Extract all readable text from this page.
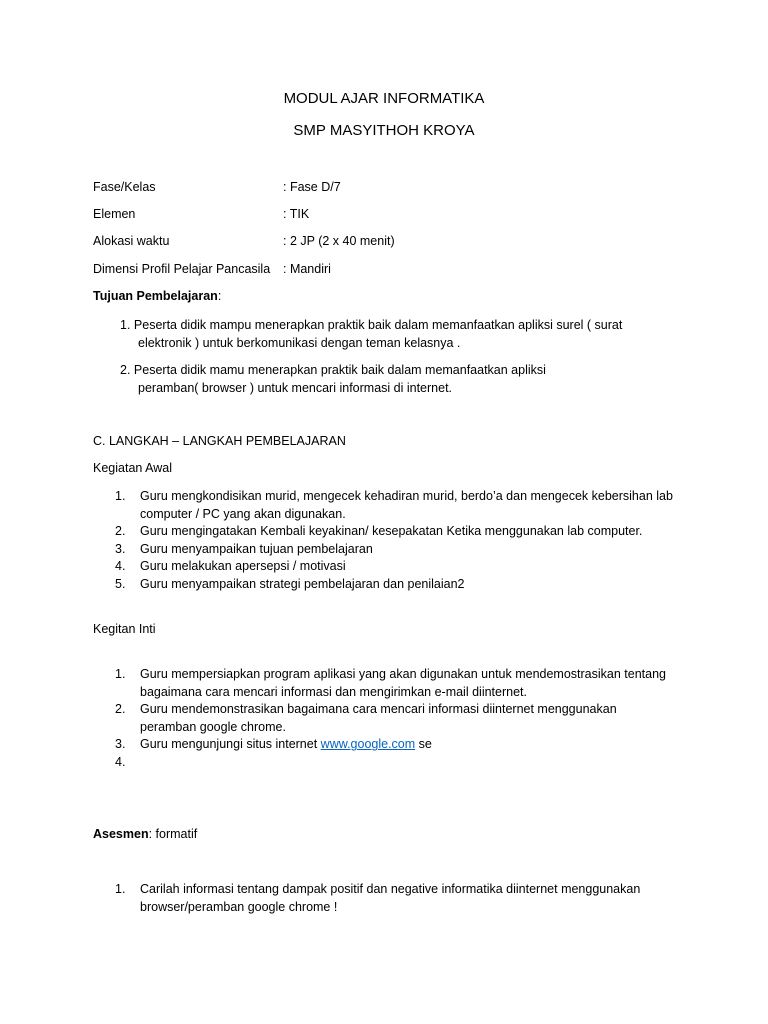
MODUL AJAR INFORMATIKA
SMP MASYITHOH KROYA
Fase/Kelas	: Fase D/7
Elemen	: TIK
Alokasi waktu	: 2 JP (2 x 40 menit)
Dimensi Profil Pelajar Pancasila : Mandiri
Tujuan Pembelajaran:
1. Peserta didik mampu menerapkan praktik baik dalam memanfaatkan apliksi surel ( surat
elektronik ) untuk berkomunikasi dengan teman kelasnya .
2. Peserta didik mamu menerapkan praktik baik dalam memanfaatkan apliksi
peramban( browser ) untuk mencari informasi di internet.
C. LANGKAH – LANGKAH PEMBELAJARAN
Kegiatan Awal
1. Guru mengkondisikan murid, mengecek kehadiran murid, berdo’a dan mengecek kebersihan lab computer / PC yang akan digunakan.
2. Guru mengingatakan Kembali keyakinan/ kesepakatan Ketika menggunakan lab computer.
3. Guru menyampaikan tujuan pembelajaran
4. Guru melakukan apersepsi / motivasi
5. Guru menyampaikan strategi pembelajaran dan penilaian2
Kegitan Inti
1. Guru mempersiapkan program aplikasi yang akan digunakan untuk mendemostrasikan tentang bagaimana cara mencari informasi dan mengirimkan e-mail diinternet.
2. Guru mendemonstrasikan bagaimana cara mencari informasi diinternet menggunakan peramban google chrome.
3. Guru mengunjungi situs internet www.google.com se
4.

Asesmen: formatif
1. Carilah informasi tentang dampak positif dan negative informatika diinternet menggunakan browser/peramban google chrome !
